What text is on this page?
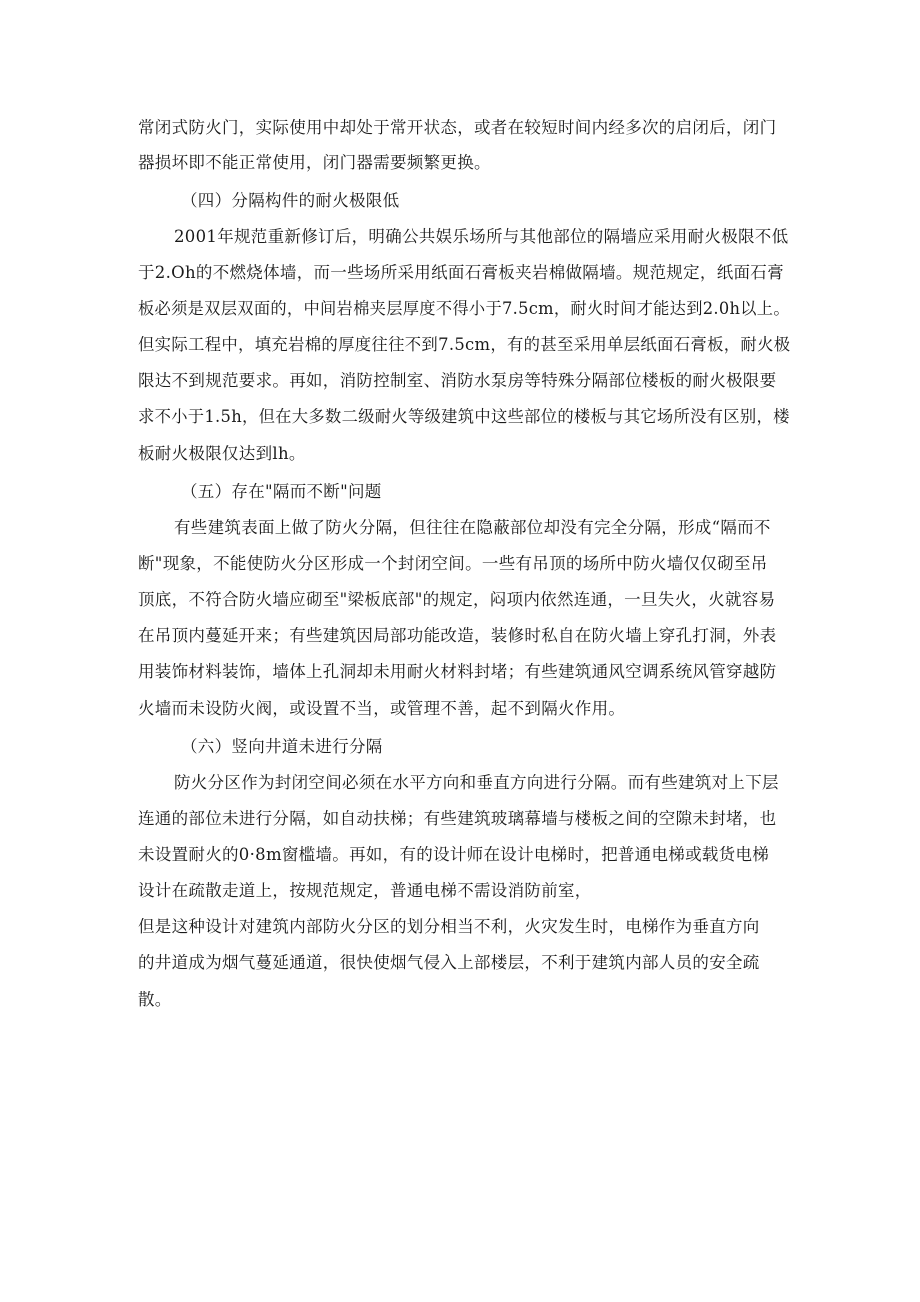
常闭式防火门，实际使用中却处于常开状态，或者在较短时间内经多次的启闭后，闭门
器损坏即不能正常使用，闭门器需要频繁更换。
（四）分隔构件的耐火极限低
2001年规范重新修订后，明确公共娱乐场所与其他部位的隔墙应采用耐火极限不低
于2.Oh的不燃烧体墙，而一些场所采用纸面石膏板夹岩棉做隔墙。规范规定，纸面石膏
板必须是双层双面的，中间岩棉夹层厚度不得小于7.5cm，耐火时间才能达到2.0h以上。
但实际工程中，填充岩棉的厚度往往不到7.5cm，有的甚至采用单层纸面石膏板，耐火极
限达不到规范要求。再如，消防控制室、消防水泵房等特殊分隔部位楼板的耐火极限要
求不小于1.5h，但在大多数二级耐火等级建筑中这些部位的楼板与其它场所没有区别，楼
板耐火极限仅达到lh。
（五）存在"隔而不断"问题
有些建筑表面上做了防火分隔，但往往在隐蔽部位却没有完全分隔，形成“隔而不
断"现象，不能使防火分区形成一个封闭空间。一些有吊顶的场所中防火墙仅仅砌至吊
顶底，不符合防火墙应砌至"梁板底部"的规定，闷项内依然连通，一旦失火，火就容易
在吊顶内蔓延开来；有些建筑因局部功能改造，装修时私自在防火墙上穿孔打洞，外表
用装饰材料装饰，墙体上孔洞却未用耐火材料封堵；有些建筑通风空调系统风管穿越防
火墙而未设防火阀，或设置不当，或管理不善，起不到隔火作用。
（六）竖向井道未进行分隔
防火分区作为封闭空间必须在水平方向和垂直方向进行分隔。而有些建筑对上下层
连通的部位未进行分隔，如自动扶梯；有些建筑玻璃幕墙与楼板之间的空隙未封堵，也
未设置耐火的0·8m窗槛墙。再如，有的设计师在设计电梯时，把普通电梯或载货电梯
设计在疏散走道上，按规范规定，普通电梯不需设消防前室，
但是这种设计对建筑内部防火分区的划分相当不利，火灾发生时，电梯作为垂直方向
的井道成为烟气蔓延通道，很快使烟气侵入上部楼层，不利于建筑内部人员的安全疏
散。
